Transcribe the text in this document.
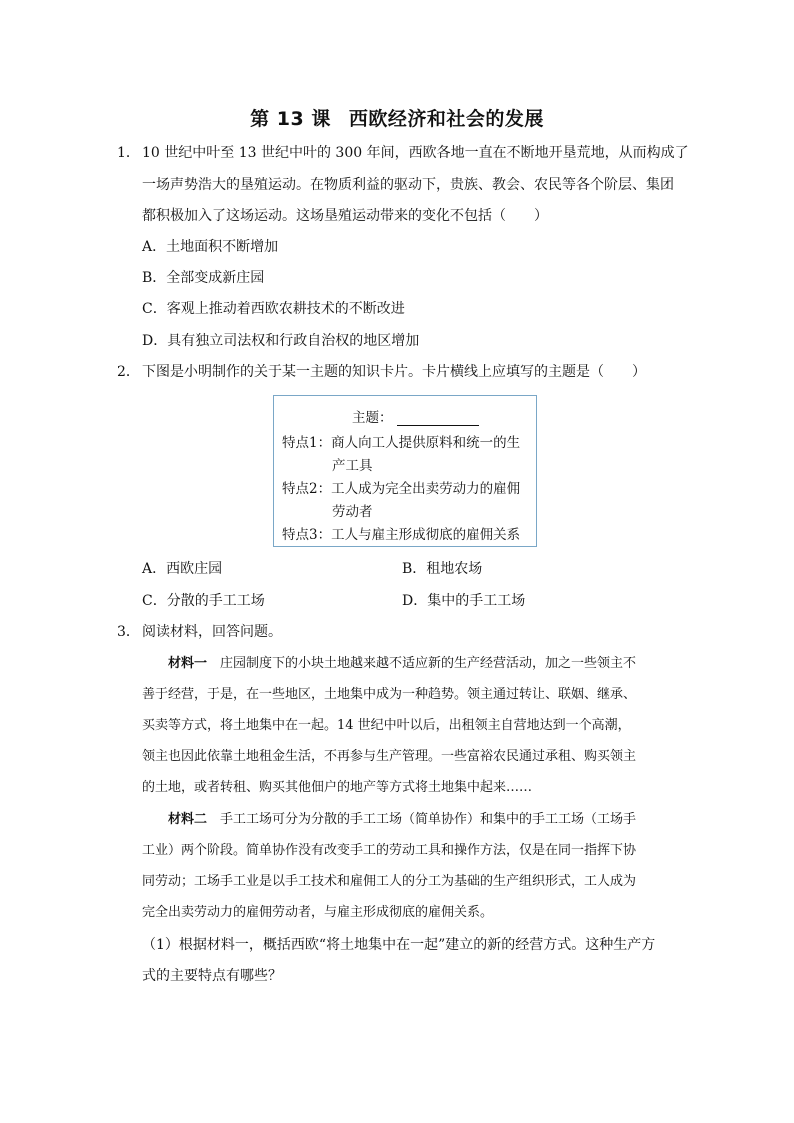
第 13 课 西欧经济和社会的发展
1． 10 世纪中叶至 13 世纪中叶的 300 年间，西欧各地一直在不断地开垦荒地，从而构成了
一场声势浩大的垦殖运动。在物质利益的驱动下，贵族、教会、农民等各个阶层、集团
都积极加入了这场运动。这场垦殖运动带来的变化不包括（　　）
A．土地面积不断增加
B．全部变成新庄园
C．客观上推动着西欧农耕技术的不断改进
D．具有独立司法权和行政自治权的地区增加
2． 下图是小明制作的关于某一主题的知识卡片。卡片横线上应填写的主题是（　　）
主题：
特点1：商人向工人提供原料和统一的生
产工具
特点2：工人成为完全出卖劳动力的雇佣
劳动者
特点3：工人与雇主形成彻底的雇佣关系
A．西欧庄园	B．租地农场
C．分散的手工工场	D．集中的手工工场
3． 阅读材料，回答问题。
材料一　 庄园制度下的小块土地越来越不适应新的生产经营活动，加之一些领主不
善于经营，于是，在一些地区，土地集中成为一种趋势。领主通过转让、联姻、继承、
买卖等方式，将土地集中在一起。14 世纪中叶以后，出租领主自营地达到一个高潮，
领主也因此依靠土地租金生活，不再参与生产管理。一些富裕农民通过承租、购买领主
的土地，或者转租、购买其他佃户的地产等方式将土地集中起来……
材料二　 手工工场可分为分散的手工工场（简单协作）和集中的手工工场（工场手
工业）两个阶段。简单协作没有改变手工的劳动工具和操作方法，仅是在同一指挥下协
同劳动；工场手工业是以手工技术和雇佣工人的分工为基础的生产组织形式，工人成为
完全出卖劳动力的雇佣劳动者，与雇主形成彻底的雇佣关系。
（1）根据材料一，概括西欧“将土地集中在一起”建立的新的经营方式。这种生产方
式的主要特点有哪些？
